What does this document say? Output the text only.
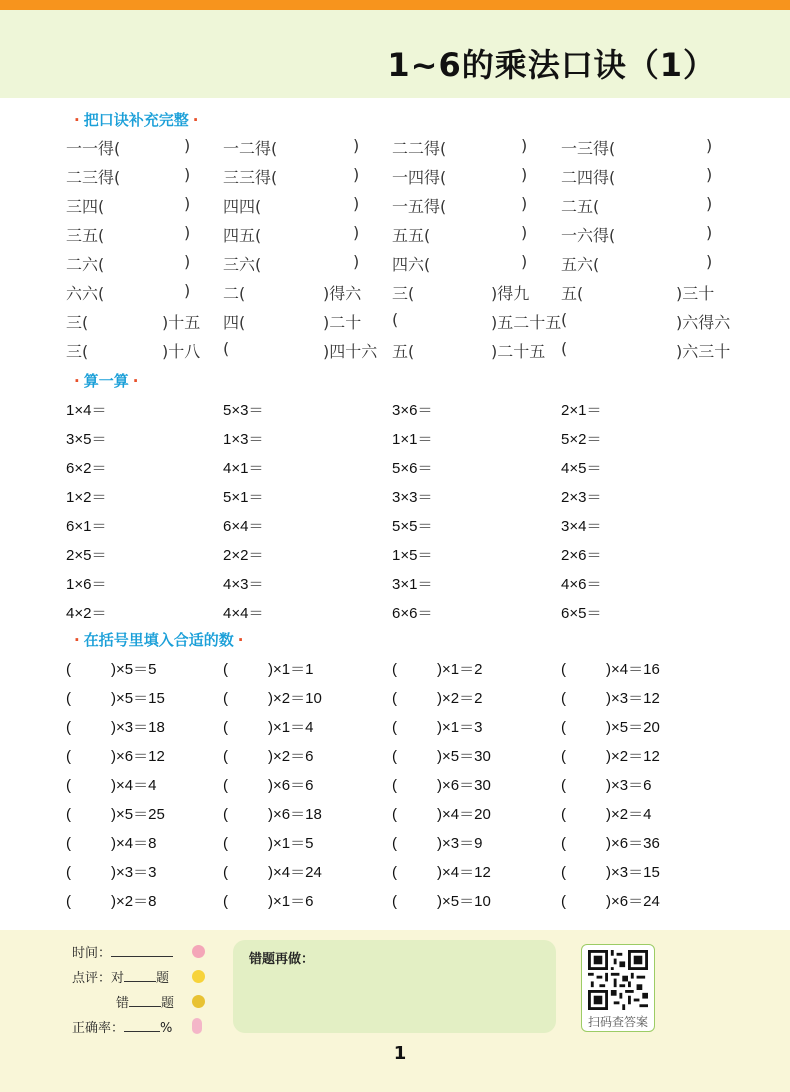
1~6的乘法口诀（1）
· 把口诀补充完整 ·
一一得(	) 一二得(	) 二二得(	) 一三得(	)
二三得(	) 三三得(	) 一四得(	) 二四得(	)
三四(	) 四四(	) 一五得(	) 二五(	)
三五(	) 四五(	) 五五(	) 一六得(	)
二六(	) 三六(	) 四六(	) 五六(	)
六六(	) 二(	)得六 三(	)得九 五(	)三十
三(	)十五 四(	)二十 (	)五二十五 (	)六得六
三(	)十八 (	)四十六 五(	)二十五 (	)六三十
· 算一算 ·
1×4＝	5×3＝	3×6＝	2×1＝
3×5＝	1×3＝	1×1＝	5×2＝
6×2＝	4×1＝	5×6＝	4×5＝
1×2＝	5×1＝	3×3＝	2×3＝
6×1＝	6×4＝	5×5＝	3×4＝
2×5＝	2×2＝	1×5＝	2×6＝
1×6＝	4×3＝	3×1＝	4×6＝
4×2＝	4×4＝	6×6＝	6×5＝
· 在括号里填入合适的数 ·
(	)×5＝5	(	)×1＝1	(	)×1＝2	(	)×4＝16
(	)×5＝15	(	)×2＝10	(	)×2＝2	(	)×3＝12
(	)×3＝18	(	)×1＝4	(	)×1＝3	(	)×5＝20
(	)×6＝12	(	)×2＝6	(	)×5＝30	(	)×2＝12
(	)×4＝4	(	)×6＝6	(	)×6＝30	(	)×3＝6
(	)×5＝25	(	)×6＝18	(	)×4＝20	(	)×2＝4
(	)×4＝8	(	)×1＝5	(	)×3＝9	(	)×6＝36
(	)×3＝3	(	)×4＝24	(	)×4＝12	(	)×3＝15
(	)×2＝8	(	)×1＝6	(	)×5＝10	(	)×6＝24
时间：
点评：对 题
错 题
正确率：	%
错题再做：
扫码查答案
1
